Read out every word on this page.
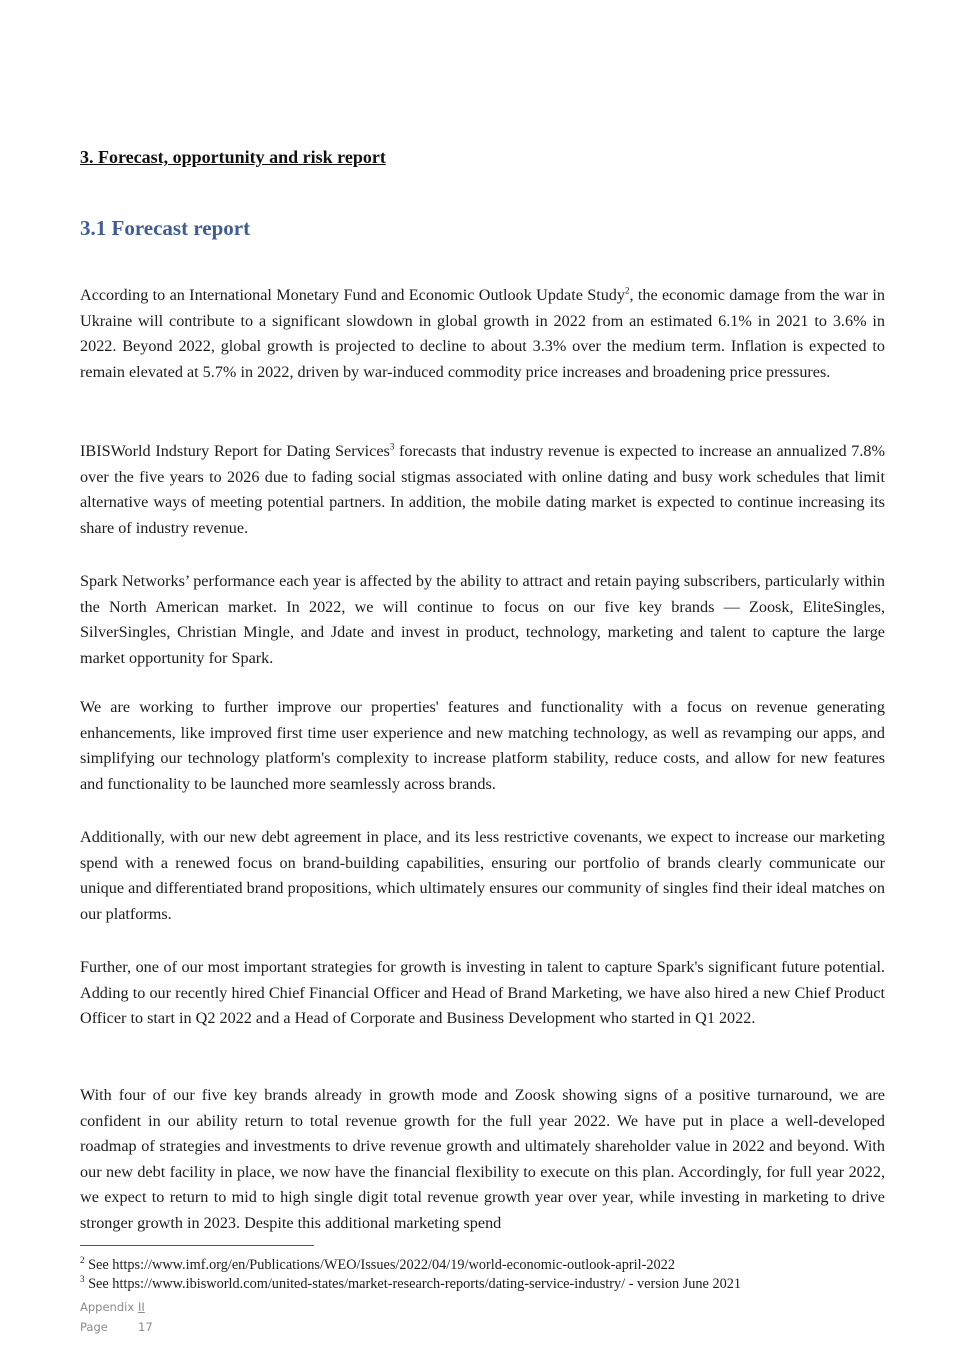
3. Forecast, opportunity and risk report
3.1 Forecast report

According to an International Monetary Fund and Economic Outlook Update Study$^2$, the economic damage from the war in Ukraine will contribute to a significant slowdown in global growth in 2022 from an estimated 6.1% in 2021 to 3.6% in 2022. Beyond 2022, global growth is projected to decline to about 3.3% over the medium term. Inflation is expected to remain elevated at 5.7% in 2022, driven by war-induced commodity price increases and broadening price pressures.

IBISWorld Indstury Report for Dating Services$^3$ forecasts that industry revenue is expected to increase an annualized 7.8% over the five years to 2026 due to fading social stigmas associated with online dating and busy work schedules that limit alternative ways of meeting potential partners. In addition, the mobile dating market is expected to continue increasing its share of industry revenue.

Spark Networks’ performance each year is affected by the ability to attract and retain paying subscribers, particularly within the North American market. In 2022, we will continue to focus on our five key brands — Zoosk, EliteSingles, SilverSingles, Christian Mingle, and Jdate and invest in product, technology, marketing and talent to capture the large market opportunity for Spark.

We are working to further improve our properties' features and functionality with a focus on revenue generating enhancements, like improved first time user experience and new matching technology, as well as revamping our apps, and simplifying our technology platform's complexity to increase platform stability, reduce costs, and allow for new features and functionality to be launched more seamlessly across brands.

Additionally, with our new debt agreement in place, and its less restrictive covenants, we expect to increase our marketing spend with a renewed focus on brand-building capabilities, ensuring our portfolio of brands clearly communicate our unique and differentiated brand propositions, which ultimately ensures our community of singles find their ideal matches on our platforms.

Further, one of our most important strategies for growth is investing in talent to capture Spark's significant future potential. Adding to our recently hired Chief Financial Officer and Head of Brand Marketing, we have also hired a new Chief Product Officer to start in Q2 2022 and a Head of Corporate and Business Development who started in Q1 2022.

With four of our five key brands already in growth mode and Zoosk showing signs of a positive turnaround, we are confident in our ability return to total revenue growth for the full year 2022. We have put in place a well-developed roadmap of strategies and investments to drive revenue growth and ultimately shareholder value in 2022 and beyond. With our new debt facility in place, we now have the financial flexibility to execute on this plan. Accordingly, for full year 2022, we expect to return to mid to high single digit total revenue growth year over year, while investing in marketing to drive stronger growth in 2023. Despite this additional marketing spend

$^2$ See https://www.imf.org/en/Publications/WEO/Issues/2022/04/19/world-economic-outlook-april-2022

$^3$ See https://www.ibisworld.com/united-states/market-research-reports/dating-service-industry/ - version June 2021

Appendix II
Page	17
